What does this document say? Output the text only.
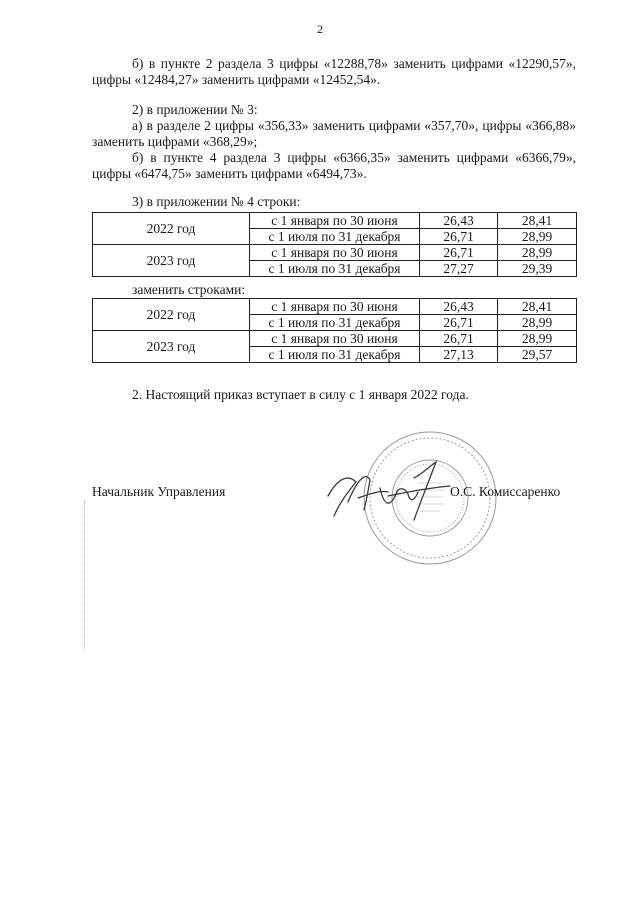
2
б) в пункте 2 раздела 3 цифры «12288,78» заменить цифрами «12290,57», цифры «12484,27» заменить цифрами «12452,54».
2) в приложении № 3:
а) в разделе 2 цифры «356,33» заменить цифрами «357,70», цифры «366,88» заменить цифрами «368,29»;
б) в пункте 4 раздела 3 цифры «6366,35» заменить цифрами «6366,79», цифры «6474,75» заменить цифрами «6494,73».
3) в приложении № 4 строки:
2022 год	с 1 января по 30 июня	26,43	28,41
	с 1 июля по 31 декабря	26,71	28,99
2023 год	с 1 января по 30 июня	26,71	28,99
	с 1 июля по 31 декабря	27,27	29,39
заменить строками:
2022 год	с 1 января по 30 июня	26,43	28,41
	с 1 июля по 31 декабря	26,71	28,99
2023 год	с 1 января по 30 июня	26,71	28,99
	с 1 июля по 31 декабря	27,13	29,57
2. Настоящий приказ вступает в силу с 1 января 2022 года.
Начальник Управления	О.С. Комиссаренко
